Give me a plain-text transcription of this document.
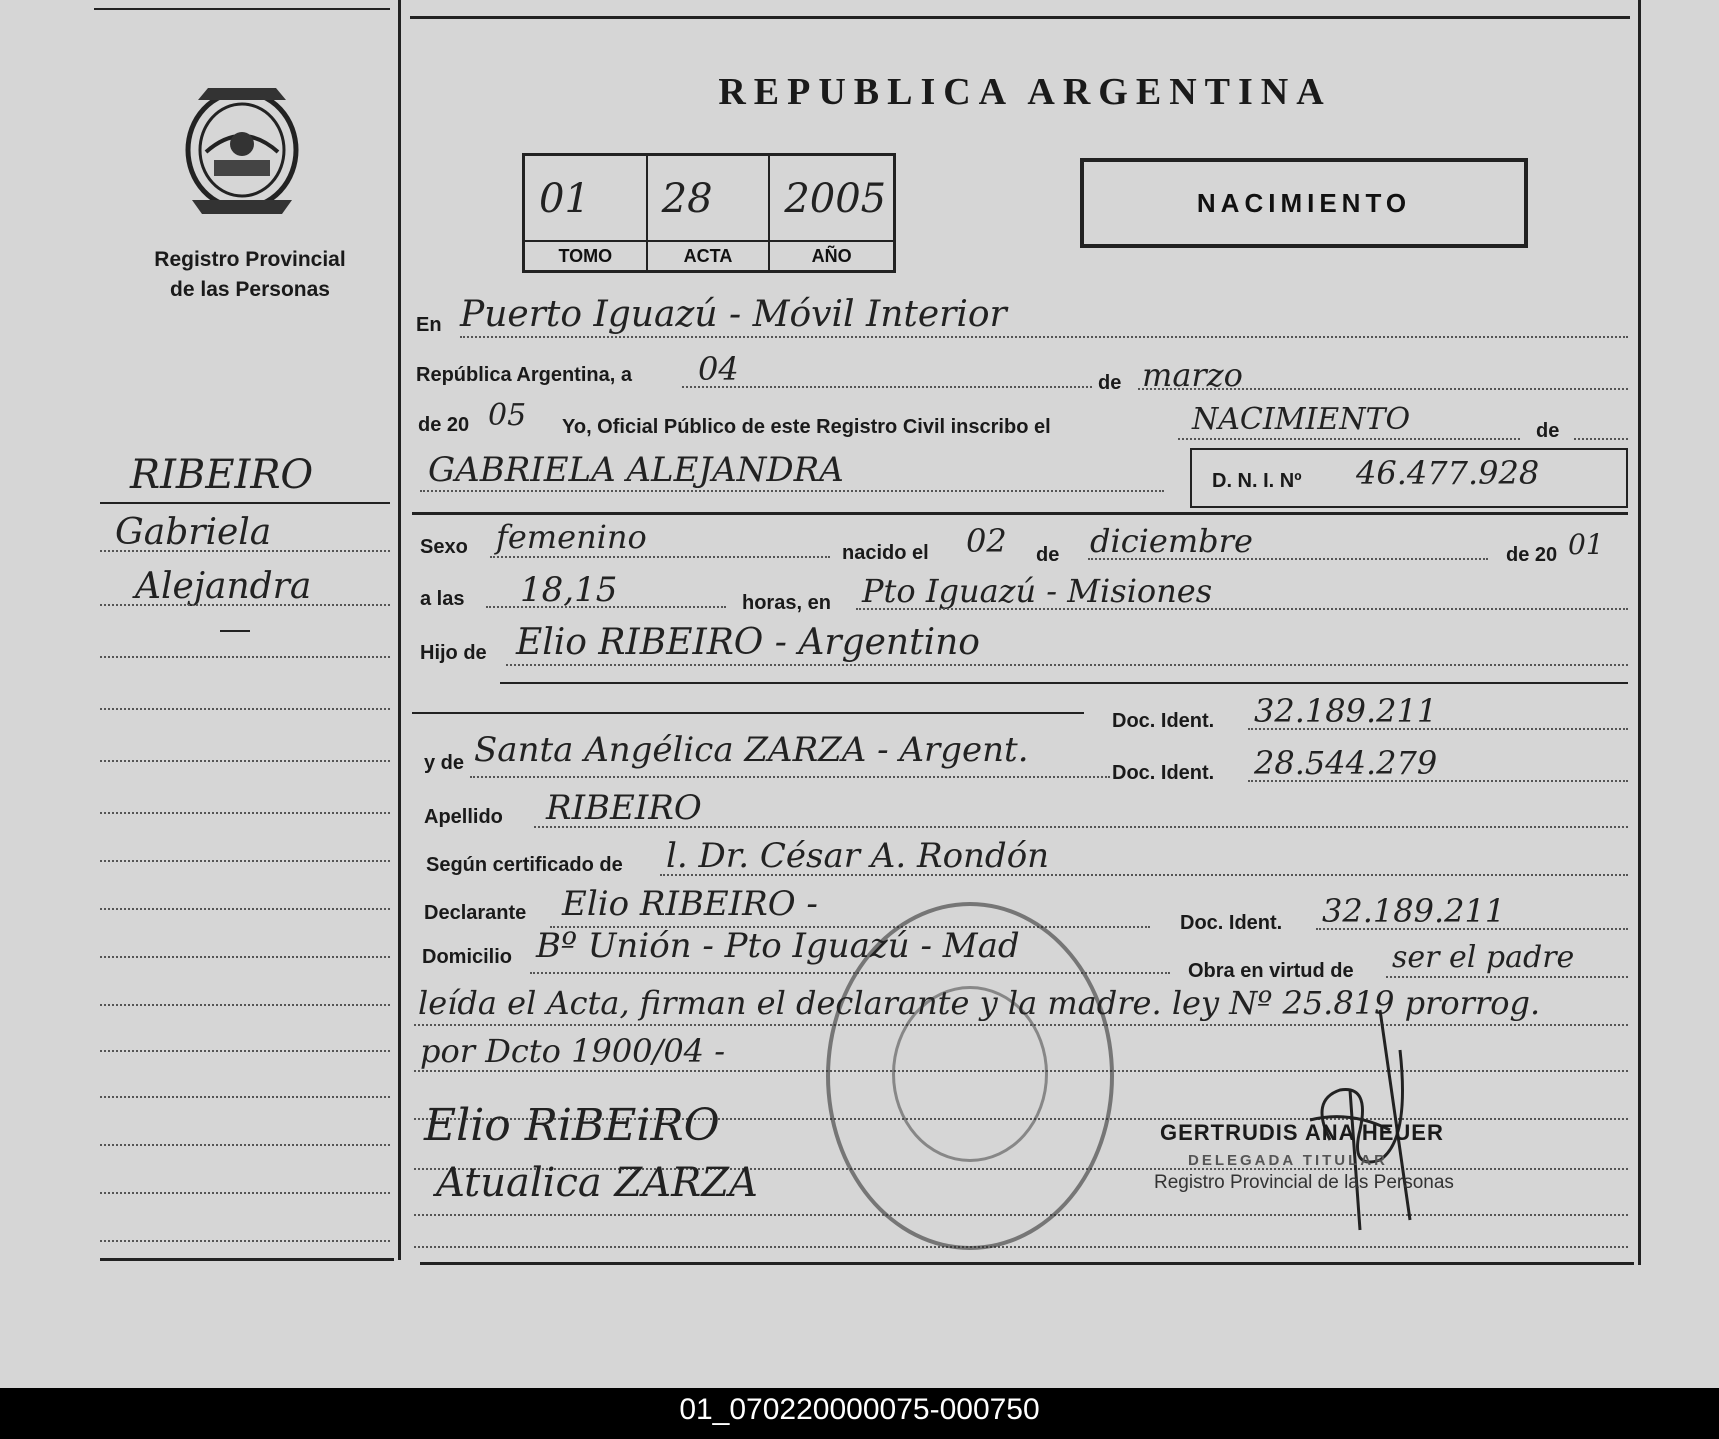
Registro Provincial
de las Personas
REPUBLICA ARGENTINA
01
TOMO
28
ACTA
2005
AÑO
NACIMIENTO
RIBEIRO
Gabriela
Alejandra
En Puerto Iguazú - Móvil Interior
República Argentina, a 04	de marzo
de 20 05 Yo, Oficial Público de este Registro Civil inscribo el	NACIMIENTO	de
GABRIELA ALEJANDRA	D. N. I. Nº 46.477.928
Sexo femenino	nacido el 02 de diciembre	de 20 01
a las 18,15	horas, en Pto Iguazú - Misiones
Hijo de Elio RIBEIRO - Argentino
Doc. Ident. 32.189.211
y de Santa Angélica ZARZA - Argent.
Doc. Ident. 28.544.279
Apellido RIBEIRO
Según certificado de l. Dr. César A. Rondón
Declarante Elio RIBEIRO -	Doc. Ident. 32.189.211
Domicilio Bº Unión - Pto Iguazú - Mad
Obra en virtud de ser el padre
leída el Acta, firman el declarante y la madre. ley Nº 25.819 prorrog.
por Dcto 1900/04 -
Elio RiBEiRO
Atualica ZARZA
GERTRUDIS ANA HEUER
DELEGADA TITULAR
Registro Provincial de las Personas
01_070220000075-000750
